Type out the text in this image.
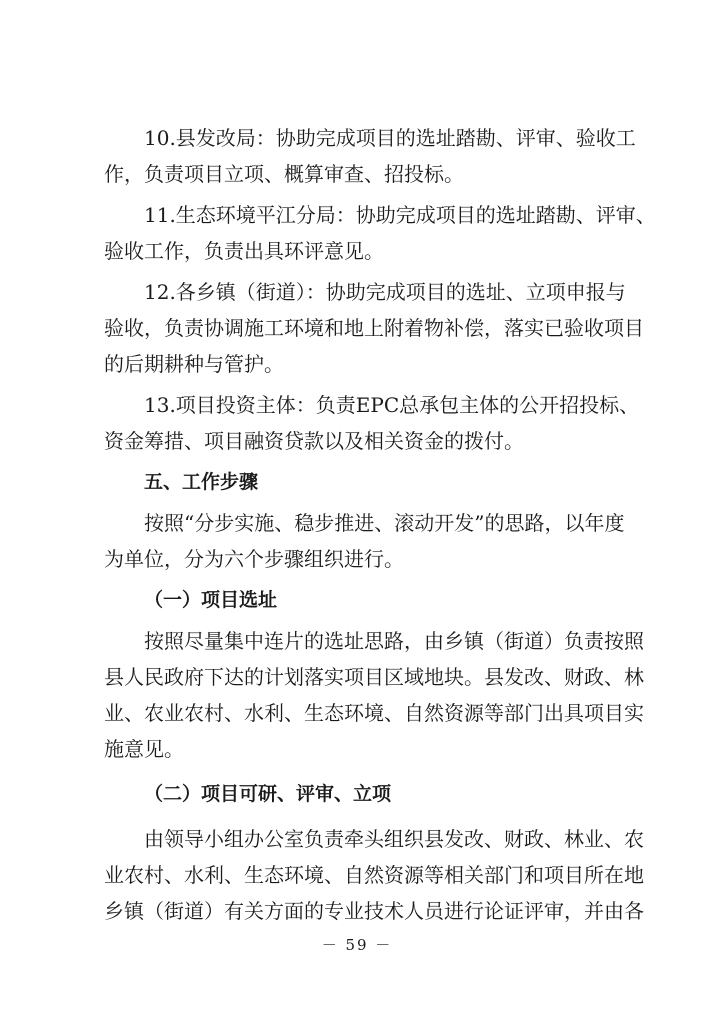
10.县发改局：协助完成项目的选址踏勘、评审、验收工
作，负责项目立项、概算审查、招投标。
11.生态环境平江分局：协助完成项目的选址踏勘、评审、
验收工作，负责出具环评意见。
12.各乡镇（街道）：协助完成项目的选址、立项申报与
验收，负责协调施工环境和地上附着物补偿，落实已验收项目
的后期耕种与管护。
13.项目投资主体：负责EPC总承包主体的公开招投标、
资金筹措、项目融资贷款以及相关资金的拨付。
五、工作步骤
按照“分步实施、稳步推进、滚动开发”的思路，以年度
为单位，分为六个步骤组织进行。
（一）项目选址
按照尽量集中连片的选址思路，由乡镇（街道）负责按照
县人民政府下达的计划落实项目区域地块。县发改、财政、林
业、农业农村、水利、生态环境、自然资源等部门出具项目实
施意见。
（二）项目可研、评审、立项
由领导小组办公室负责牵头组织县发改、财政、林业、农
业农村、水利、生态环境、自然资源等相关部门和项目所在地
乡镇（街道）有关方面的专业技术人员进行论证评审，并由各
－ 59 －
